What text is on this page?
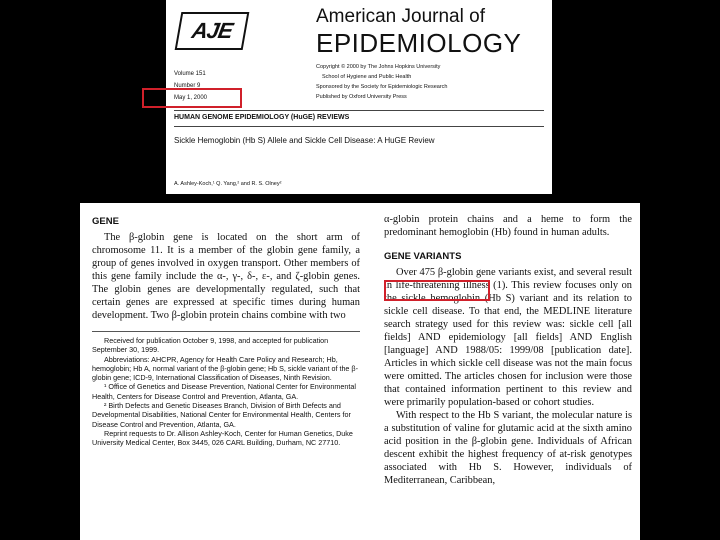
AJE
American Journal of
EPIDEMIOLOGY
Volume 151
Number 9
May 1, 2000
Copyright © 2000 by The Johns Hopkins University
School of Hygiene and Public Health
Sponsored by the Society for Epidemiologic Research
Published by Oxford University Press
HUMAN GENOME EPIDEMIOLOGY (HuGE) REVIEWS
Sickle Hemoglobin (Hb S) Allele and Sickle Cell Disease: A HuGE Review
A. Ashley-Koch,¹ Q. Yang,² and R. S. Olney²
GENE

The β-globin gene is located on the short arm of chromosome 11. It is a member of the globin gene family, a group of genes involved in oxygen transport. Other members of this gene family include the α-, γ-, δ-, ε-, and ζ-globin genes. The globin genes are developmentally regulated, such that certain genes are expressed at specific times during human development. Two β-globin protein chains combine with two

Received for publication October 9, 1998, and accepted for publication September 30, 1999.

Abbreviations: AHCPR, Agency for Health Care Policy and Research; Hb, hemoglobin; Hb A, normal variant of the β-globin gene; Hb S, sickle variant of the β-globin gene; ICD-9, International Classification of Diseases, Ninth Revision.

¹ Office of Genetics and Disease Prevention, National Center for Environmental Health, Centers for Disease Control and Prevention, Atlanta, GA.

² Birth Defects and Genetic Diseases Branch, Division of Birth Defects and Developmental Disabilities, National Center for Environmental Health, Centers for Disease Control and Prevention, Atlanta, GA.

Reprint requests to Dr. Allison Ashley-Koch, Center for Human Genetics, Duke University Medical Center, Box 3445, 026 CARL Building, Durham, NC 27710.

α-globin protein chains and a heme to form the predominant hemoglobin (Hb) found in human adults.

GENE VARIANTS

Over 475 β-globin gene variants exist, and several result in life-threatening illness (1). This review focuses only on the sickle hemoglobin (Hb S) variant and its relation to sickle cell disease. To that end, the MEDLINE literature search strategy used for this review was: sickle cell [all fields] AND epidemiology [all fields] AND English [language] AND 1988/05: 1999/08 [publication date]. Articles in which sickle cell disease was not the main focus were omitted. The articles chosen for inclusion were those that contained information pertinent to this review and were primarily population-based or cohort studies.

With respect to the Hb S variant, the molecular nature is a substitution of valine for glutamic acid at the sixth amino acid position in the β-globin gene. Individuals of African descent exhibit the highest frequency of at-risk genotypes associated with Hb S. However, individuals of Mediterranean, Caribbean,
